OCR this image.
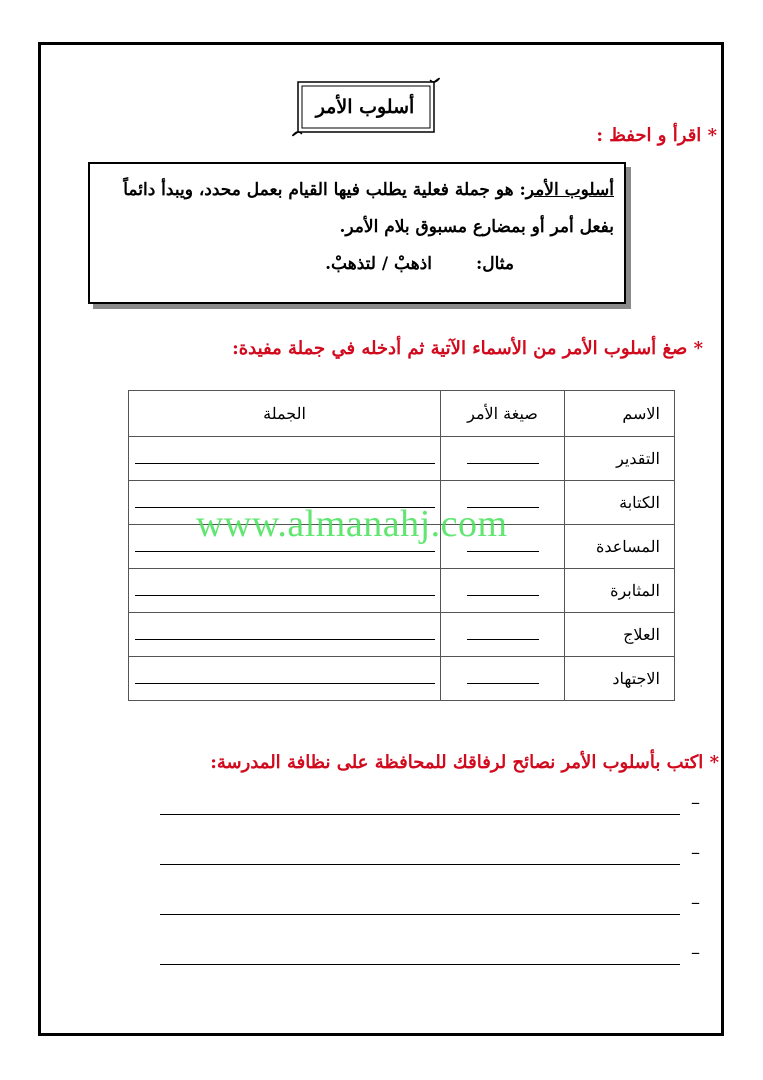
أسلوب الأمر
* اقرأ و احفظ :
أسلوب الأمر: هو جملة فعلية يطلب فيها القيام بعمل محدد، ويبدأ دائماً بفعل أمر أو بمضارع مسبوق بلام الأمر.
مثال:اذهبْ / لتذهبْ.
* صغ أسلوب الأمر من الأسماء الآتية ثم أدخله في جملة مفيدة:
الاسم	صيغة الأمر	الجملة
التقدير		
الكتابة		
المساعدة		
المثابرة		
العلاج		
الاجتهاد		
www.almanahj.com
* اكتب بأسلوب الأمر نصائح لرفاقك للمحافظة على نظافة المدرسة:
–
–
–
–
